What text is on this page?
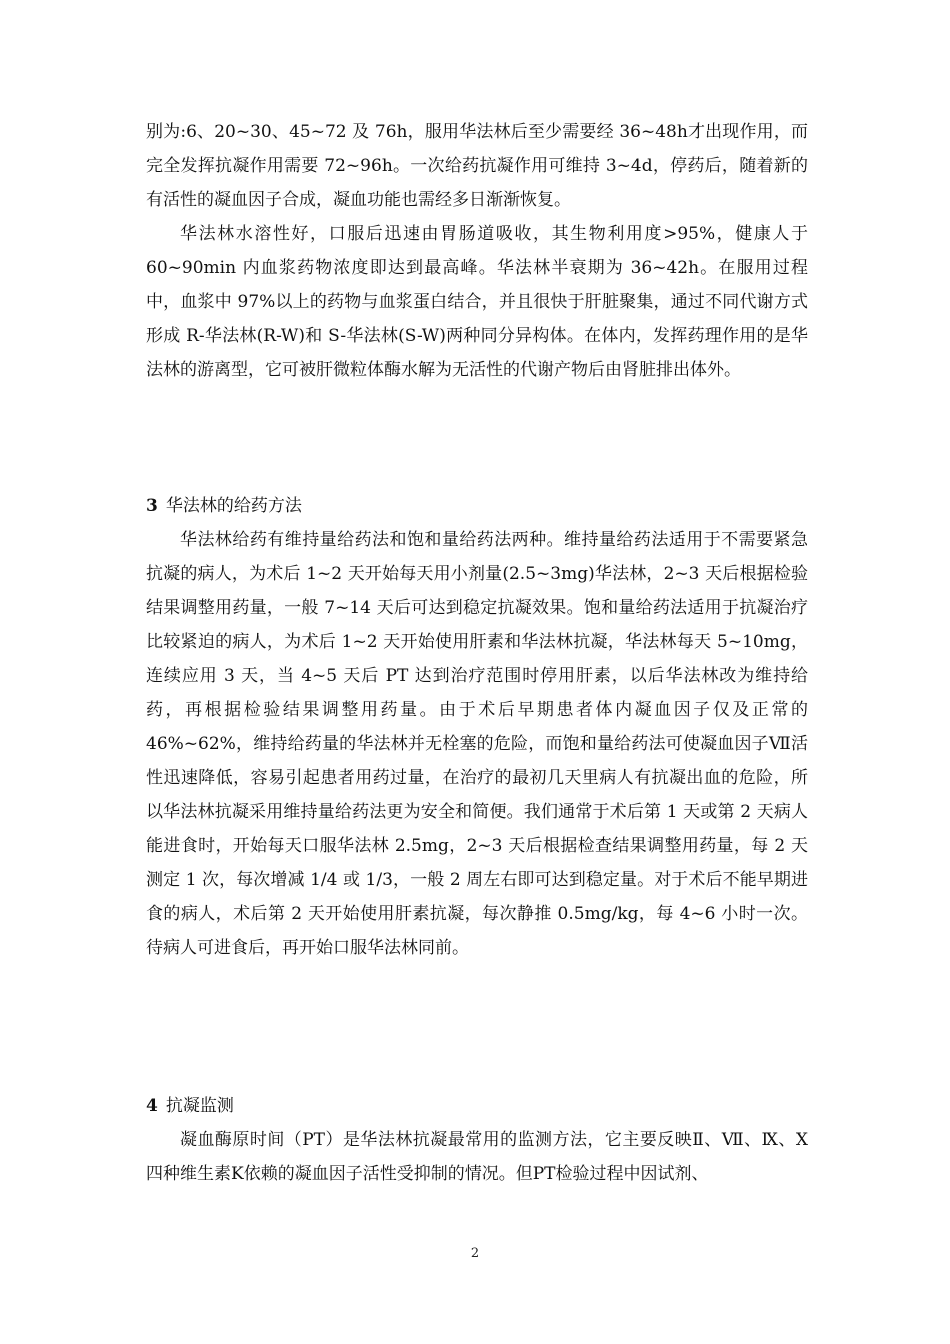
别为:6、20~30、45~72 及 76h，服用华法林后至少需要经 36~48h才出现作用，而完全发挥抗凝作用需要 72~96h。一次给药抗凝作用可维持 3~4d，停药后，随着新的有活性的凝血因子合成，凝血功能也需经多日渐渐恢复。

华法林水溶性好，口服后迅速由胃肠道吸收，其生物利用度>95%，健康人于 60~90min 内血浆药物浓度即达到最高峰。华法林半衰期为 36~42h。在服用过程中，血浆中 97%以上的药物与血浆蛋白结合，并且很快于肝脏聚集，通过不同代谢方式形成 R-华法林(R-W)和 S-华法林(S-W)两种同分异构体。在体内，发挥药理作用的是华法林的游离型，它可被肝微粒体酶水解为无活性的代谢产物后由肾脏排出体外。

3 华法林的给药方法

华法林给药有维持量给药法和饱和量给药法两种。维持量给药法适用于不需要紧急抗凝的病人，为术后 1~2 天开始每天用小剂量(2.5~3mg)华法林，2~3 天后根据检验结果调整用药量，一般 7~14 天后可达到稳定抗凝效果。饱和量给药法适用于抗凝治疗比较紧迫的病人，为术后 1~2 天开始使用肝素和华法林抗凝，华法林每天 5~10mg，连续应用 3 天，当 4~5 天后 PT 达到治疗范围时停用肝素，以后华法林改为维持给药，再根据检验结果调整用药量。由于术后早期患者体内凝血因子仅及正常的 46%~62%，维持给药量的华法林并无栓塞的危险，而饱和量给药法可使凝血因子Ⅶ活性迅速降低，容易引起患者用药过量，在治疗的最初几天里病人有抗凝出血的危险，所以华法林抗凝采用维持量给药法更为安全和简便。我们通常于术后第 1 天或第 2 天病人能进食时，开始每天口服华法林 2.5mg，2~3 天后根据检查结果调整用药量，每 2 天测定 1 次，每次增减 1/4 或 1/3，一般 2 周左右即可达到稳定量。对于术后不能早期进食的病人，术后第 2 天开始使用肝素抗凝，每次静推 0.5mg/kg，每 4~6 小时一次。待病人可进食后，再开始口服华法林同前。

4 抗凝监测

凝血酶原时间（PT）是华法林抗凝最常用的监测方法，它主要反映Ⅱ、Ⅶ、Ⅸ、Ⅹ四种维生素K依赖的凝血因子活性受抑制的情况。但PT检验过程中因试剂、

2
